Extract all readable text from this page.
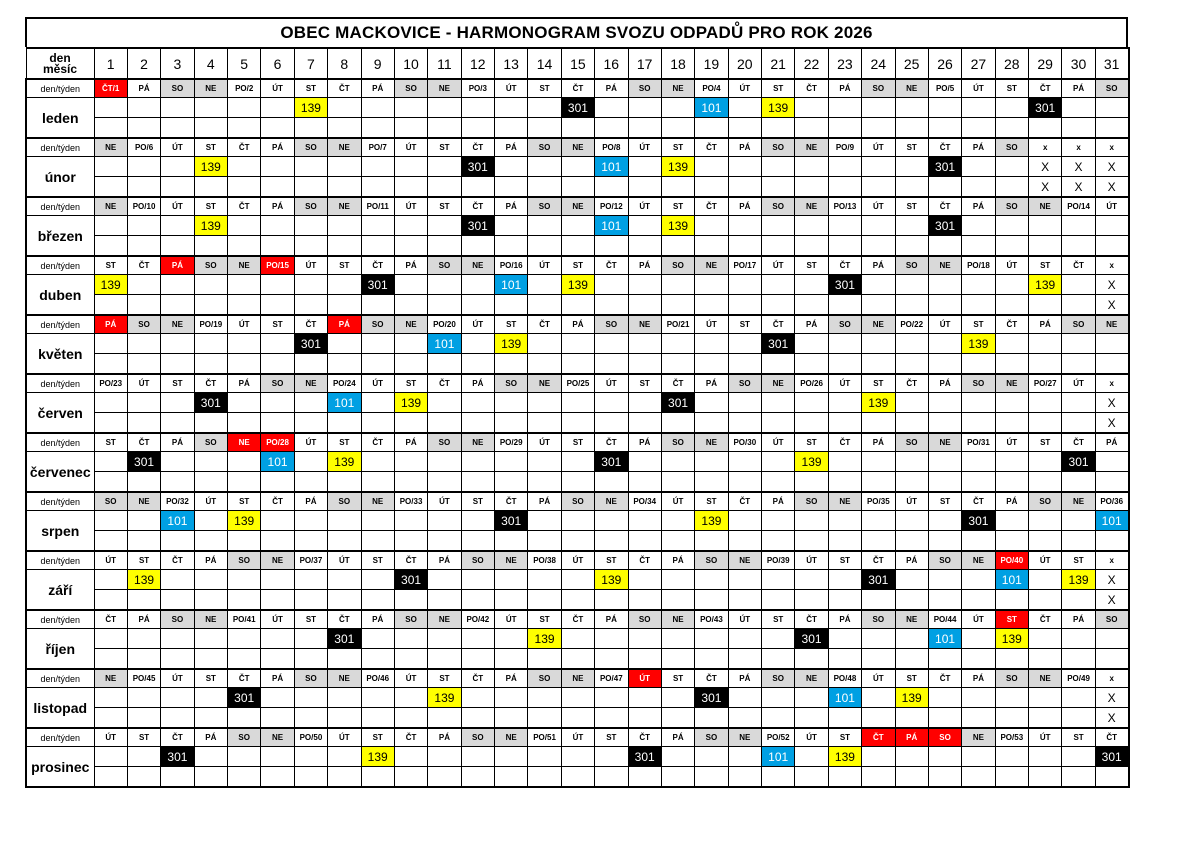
OBEC MACKOVICE - HARMONOGRAM SVOZU ODPADŮ PRO ROK 2026
den
měsíc	1	2	3	4	5	6	7	8	9	10	11	12	13	14	15	16	17	18	19	20	21	22	23	24	25	26	27	28	29	30	31
den/týden	ČT/1	PÁ	SO	NE	PO/2	ÚT	ST	ČT	PÁ	SO	NE	PO/3	ÚT	ST	ČT	PÁ	SO	NE	PO/4	ÚT	ST	ČT	PÁ	SO	NE	PO/5	ÚT	ST	ČT	PÁ	SO
leden							139								301				101		139								301		

den/týden	NE	PO/6	ÚT	ST	ČT	PÁ	SO	NE	PO/7	ÚT	ST	ČT	PÁ	SO	NE	PO/8	ÚT	ST	ČT	PÁ	SO	NE	PO/9	ÚT	ST	ČT	PÁ	SO	x	x	x
únor				139								301				101		139								301			X	X	X
																													X	X	X
den/týden	NE	PO/10	ÚT	ST	ČT	PÁ	SO	NE	PO/11	ÚT	ST	ČT	PÁ	SO	NE	PO/12	ÚT	ST	ČT	PÁ	SO	NE	PO/13	ÚT	ST	ČT	PÁ	SO	NE	PO/14	ÚT
březen				139								301				101		139								301					

den/týden	ST	ČT	PÁ	SO	NE	PO/15	ÚT	ST	ČT	PÁ	SO	NE	PO/16	ÚT	ST	ČT	PÁ	SO	NE	PO/17	ÚT	ST	ČT	PÁ	SO	NE	PO/18	ÚT	ST	ČT	x
duben	139								301				101		139								301						139		X
																															X
den/týden	PÁ	SO	NE	PO/19	ÚT	ST	ČT	PÁ	SO	NE	PO/20	ÚT	ST	ČT	PÁ	SO	NE	PO/21	ÚT	ST	ČT	PÁ	SO	NE	PO/22	ÚT	ST	ČT	PÁ	SO	NE
květen							301				101		139								301						139				

den/týden	PO/23	ÚT	ST	ČT	PÁ	SO	NE	PO/24	ÚT	ST	ČT	PÁ	SO	NE	PO/25	ÚT	ST	ČT	PÁ	SO	NE	PO/26	ÚT	ST	ČT	PÁ	SO	NE	PO/27	ÚT	x
červen				301				101		139								301						139							X
																															X
den/týden	ST	ČT	PÁ	SO	NE	PO/28	ÚT	ST	ČT	PÁ	SO	NE	PO/29	ÚT	ST	ČT	PÁ	SO	NE	PO/30	ÚT	ST	ČT	PÁ	SO	NE	PO/31	ÚT	ST	ČT	PÁ
červenec		301				101		139								301						139								301	

den/týden	SO	NE	PO/32	ÚT	ST	ČT	PÁ	SO	NE	PO/33	ÚT	ST	ČT	PÁ	SO	NE	PO/34	ÚT	ST	ČT	PÁ	SO	NE	PO/35	ÚT	ST	ČT	PÁ	SO	NE	PO/36
srpen			101		139								301						139								301				101

den/týden	ÚT	ST	ČT	PÁ	SO	NE	PO/37	ÚT	ST	ČT	PÁ	SO	NE	PO/38	ÚT	ST	ČT	PÁ	SO	NE	PO/39	ÚT	ST	ČT	PÁ	SO	NE	PO/40	ÚT	ST	x
září		139								301						139								301				101		139	X
																															X
den/týden	ČT	PÁ	SO	NE	PO/41	ÚT	ST	ČT	PÁ	SO	NE	PO/42	ÚT	ST	ČT	PÁ	SO	NE	PO/43	ÚT	ST	ČT	PÁ	SO	NE	PO/44	ÚT	ST	ČT	PÁ	SO
říjen								301						139								301				101		139			

den/týden	NE	PO/45	ÚT	ST	ČT	PÁ	SO	NE	PO/46	ÚT	ST	ČT	PÁ	SO	NE	PO/47	ÚT	ST	ČT	PÁ	SO	NE	PO/48	ÚT	ST	ČT	PÁ	SO	NE	PO/49	x
listopad					301						139								301				101		139						X
																															X
den/týden	ÚT	ST	ČT	PÁ	SO	NE	PO/50	ÚT	ST	ČT	PÁ	SO	NE	PO/51	ÚT	ST	ČT	PÁ	SO	NE	PO/52	ÚT	ST	ČT	PÁ	SO	NE	PO/53	ÚT	ST	ČT
prosinec			301						139								301				101		139								301
